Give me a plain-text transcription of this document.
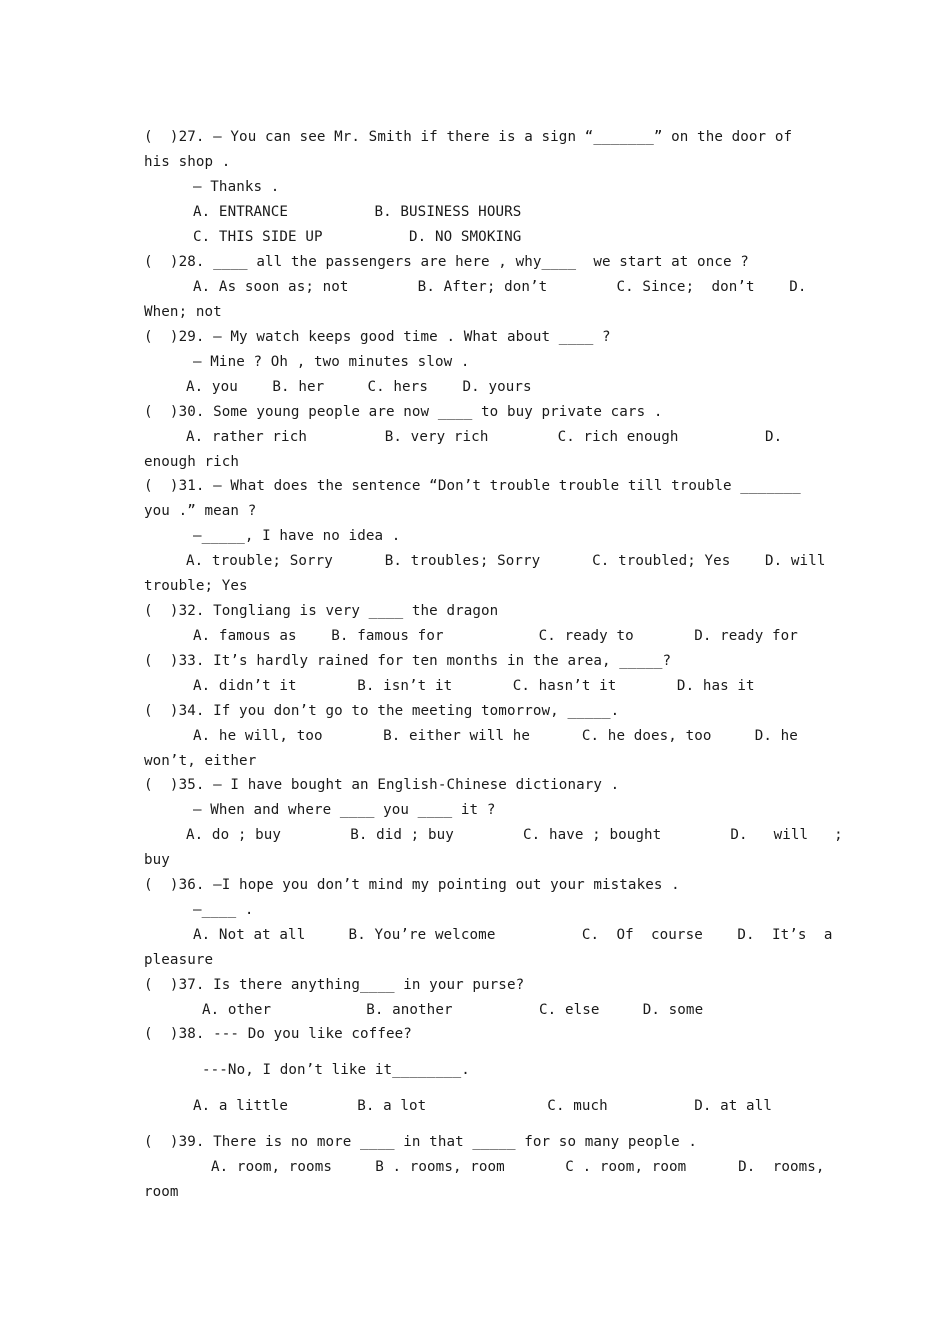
(  )27. — You can see Mr. Smith if there is a sign “_______” on the door of
his shop .
— Thanks .
A. ENTRANCE          B. BUSINESS HOURS
C. THIS SIDE UP          D. NO SMOKING
(  )28. ____ all the passengers are here , why____  we start at once ?
A. As soon as; not        B. After; don’t        C. Since;  don’t    D.
When; not
(  )29. — My watch keeps good time . What about ____ ?
— Mine ? Oh , two minutes slow .
A. you    B. her     C. hers    D. yours
(  )30. Some young people are now ____ to buy private cars .
A. rather rich         B. very rich        C. rich enough          D.
enough rich
(  )31. — What does the sentence “Don’t trouble trouble till trouble _______
you .” mean ?
—_____, I have no idea .
A. trouble; Sorry      B. troubles; Sorry      C. troubled; Yes    D. will
trouble; Yes
(  )32. Tongliang is very ____ the dragon
A. famous as    B. famous for           C. ready to       D. ready for
(  )33. It’s hardly rained for ten months in the area, _____?
A. didn’t it       B. isn’t it       C. hasn’t it       D. has it
(  )34. If you don’t go to the meeting tomorrow, _____.
A. he will, too       B. either will he      C. he does, too     D. he
won’t, either
(  )35. — I have bought an English-Chinese dictionary .
— When and where ____ you ____ it ?
A. do ; buy        B. did ; buy        C. have ; bought        D.   will   ;
buy
(  )36. —I hope you don’t mind my pointing out your mistakes .
—____ .
A. Not at all     B. You’re welcome          C.  Of  course    D.  It’s  a
pleasure
(  )37. Is there anything____ in your purse?
A. other           B. another          C. else     D. some
(  )38. --- Do you like coffee?
---No, I don’t like it________.
A. a little        B. a lot              C. much          D. at all
(  )39. There is no more ____ in that _____ for so many people .
A. room, rooms     B . rooms, room       C . room, room      D.  rooms,
room
